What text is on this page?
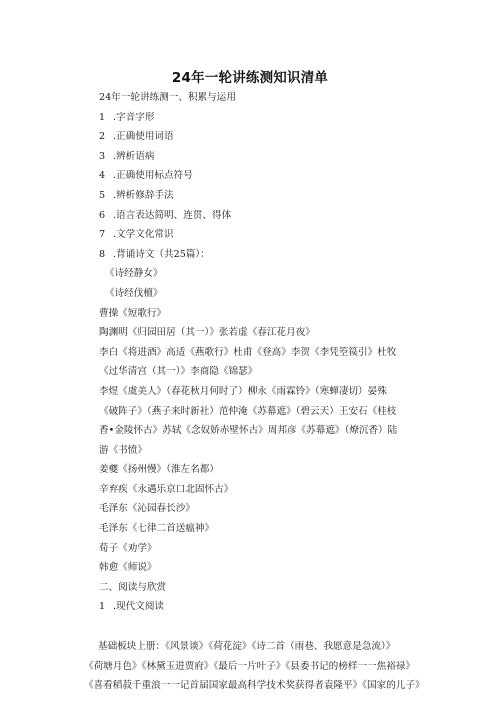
24年一轮讲练测知识清单
24年一轮讲练测一、积累与运用
1 .字音字形
2 .正确使用词语
3 .辨析语病
4 .正确使用标点符号
5 .辨析修辞手法
6 .语言表达简明、连贯、得体
7 .文学文化常识
8 .背诵诗文（共25篇）：
《诗经静女》
《诗经伐檀》
曹操《短歌行》
陶渊明《归园田居（其一）》张若虚《春江花月夜》
李白《将进酒》高适《燕歌行》杜甫《登高》李贺《李凭箜篌引》杜牧
《过华清宫（其一）》李商隐《锦瑟》
李煜《虞美人》（春花秋月何时了）柳永《雨霖铃》（寒蝉凄切）晏殊
《破阵子》（燕子来时新社）范仲淹《苏幕遮》（碧云天）王安石《桂枝
香•金陵怀古》苏轼《念奴娇赤壁怀古》周邦彦《苏幕遮》（燎沉香）陆
游《书愤》
姜夔《扬州慢》（淮左名都）
辛弃疾《永遇乐京口北固怀古》
毛泽东《沁园春长沙》
毛泽东《七律二首送瘟神》
荀子《劝学》
韩愈《师说》
二、阅读与欣赏
1 .现代文阅读
基础板块上册：《风景谈》《荷花淀》《诗二首（雨巷、我愿意是急流）》
《荷塘月色》《林黛玉进贾府》《最后一片叶子》《县委书记的榜样一一焦裕禄》
《喜看稻菽千重浪一一记首届国家最高科学技术奖获得者袁隆平》《国家的儿子》
